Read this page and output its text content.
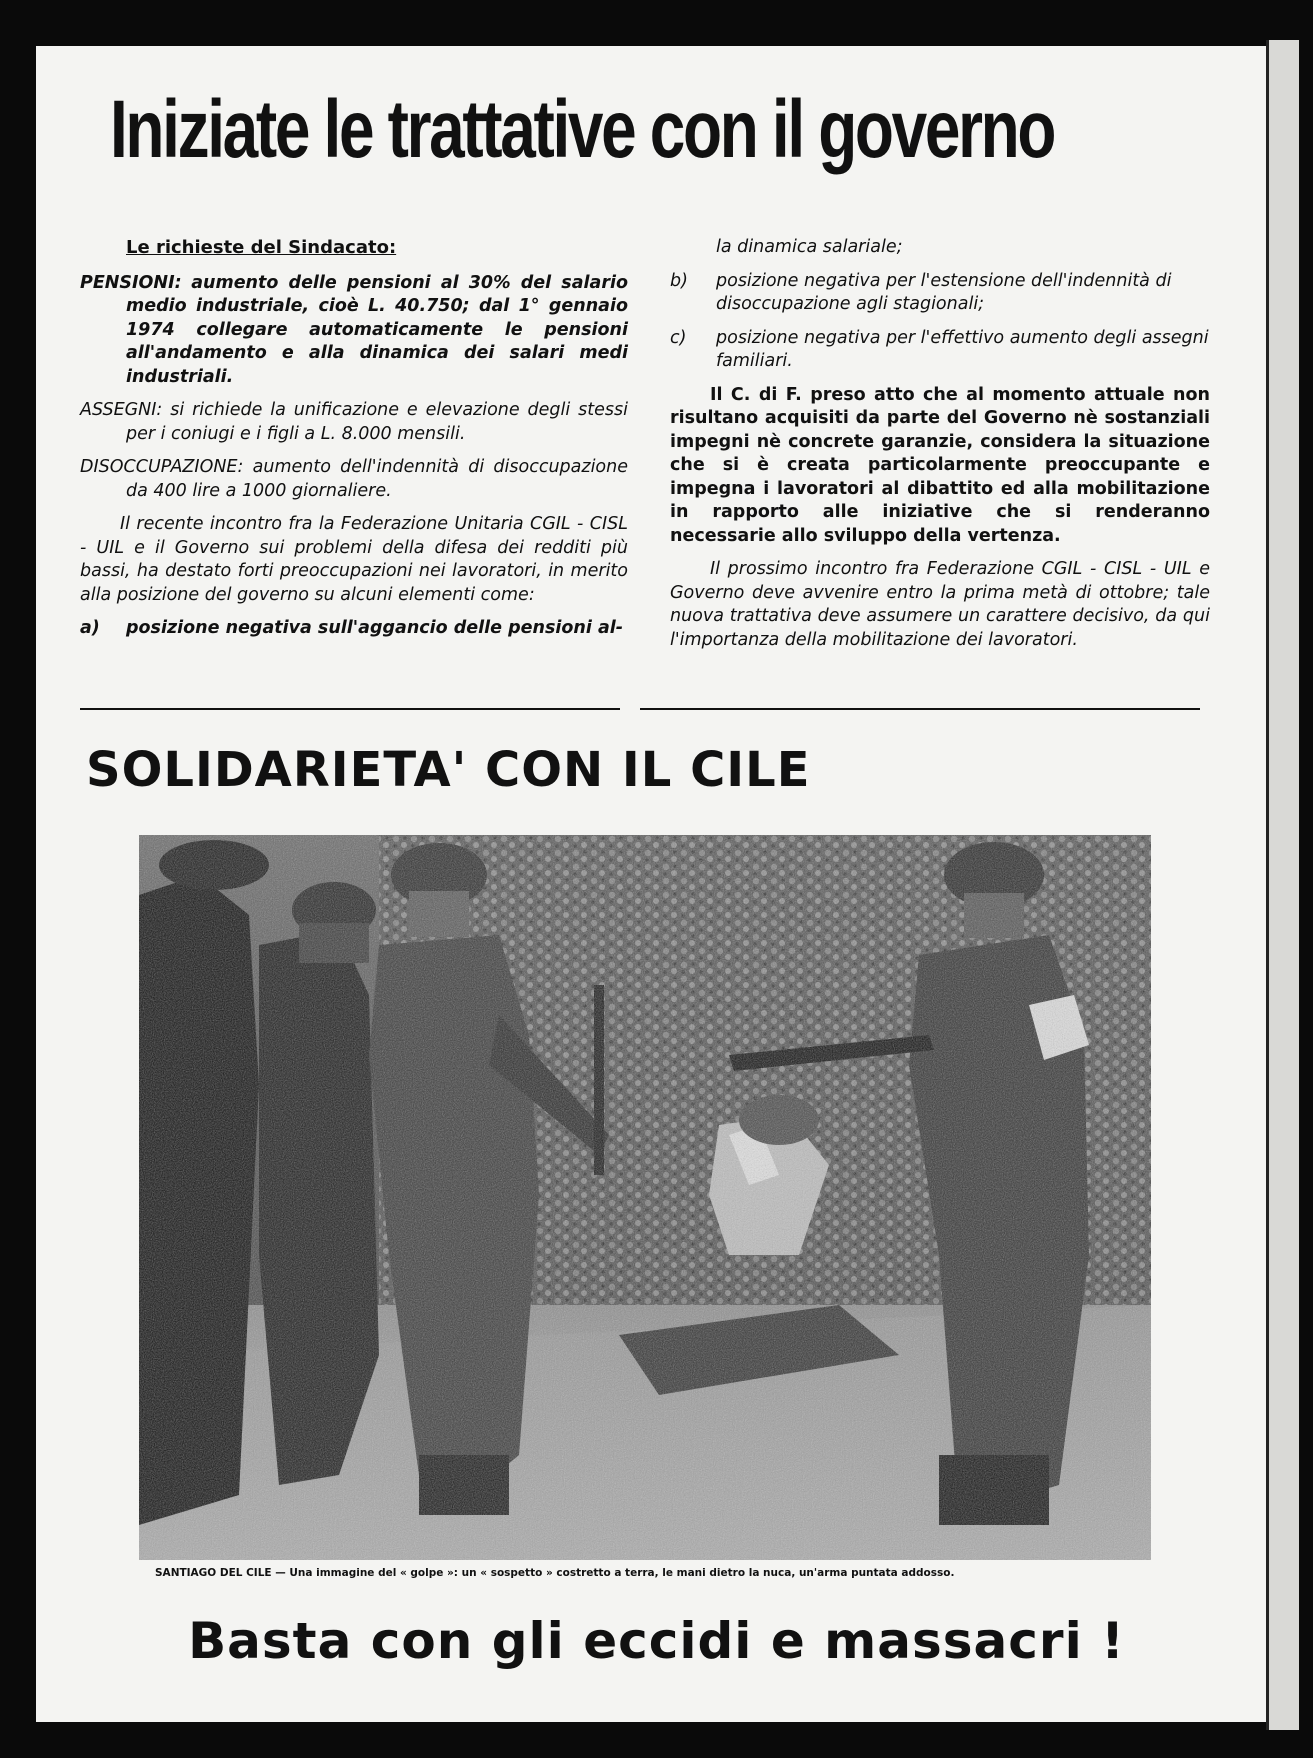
Iniziate le trattative con il governo

Le richieste del Sindacato:

PENSIONI: aumento delle pensioni al 30% del salario medio industriale, cioè L. 40.750; dal 1° gennaio 1974 collegare automaticamente le pensioni all'andamento e alla dinamica dei salari medi industriali.

ASSEGNI: si richiede la unificazione e elevazione degli stessi per i coniugi e i figli a L. 8.000 mensili.

DISOCCUPAZIONE: aumento dell'indennità di disoccupazione da 400 lire a 1000 giornaliere.

Il recente incontro fra la Federazione Unitaria CGIL - CISL - UIL e il Governo sui problemi della difesa dei redditi più bassi, ha destato forti preoccupazioni nei lavoratori, in merito alla posizione del governo su alcuni elementi come:

a) posizione negativa sull'aggancio delle pensioni al-

la dinamica salariale;

b) posizione negativa per l'estensione dell'indennità di disoccupazione agli stagionali;

c) posizione negativa per l'effettivo aumento degli assegni familiari.

Il C. di F. preso atto che al momento attuale non risultano acquisiti da parte del Governo nè sostanziali impegni nè concrete garanzie, considera la situazione che si è creata particolarmente preoccupante e impegna i lavoratori al dibattito ed alla mobilitazione in rapporto alle iniziative che si renderanno necessarie allo sviluppo della vertenza.

Il prossimo incontro fra Federazione CGIL - CISL - UIL e Governo deve avvenire entro la prima metà di ottobre; tale nuova trattativa deve assumere un carattere decisivo, da qui l'importanza della mobilitazione dei lavoratori.

SOLIDARIETA' CON IL CILE
SANTIAGO DEL CILE — Una immagine del « golpe »: un « sospetto » costretto a terra, le mani dietro la nuca, un'arma puntata addosso.
Basta con gli eccidi e massacri !
